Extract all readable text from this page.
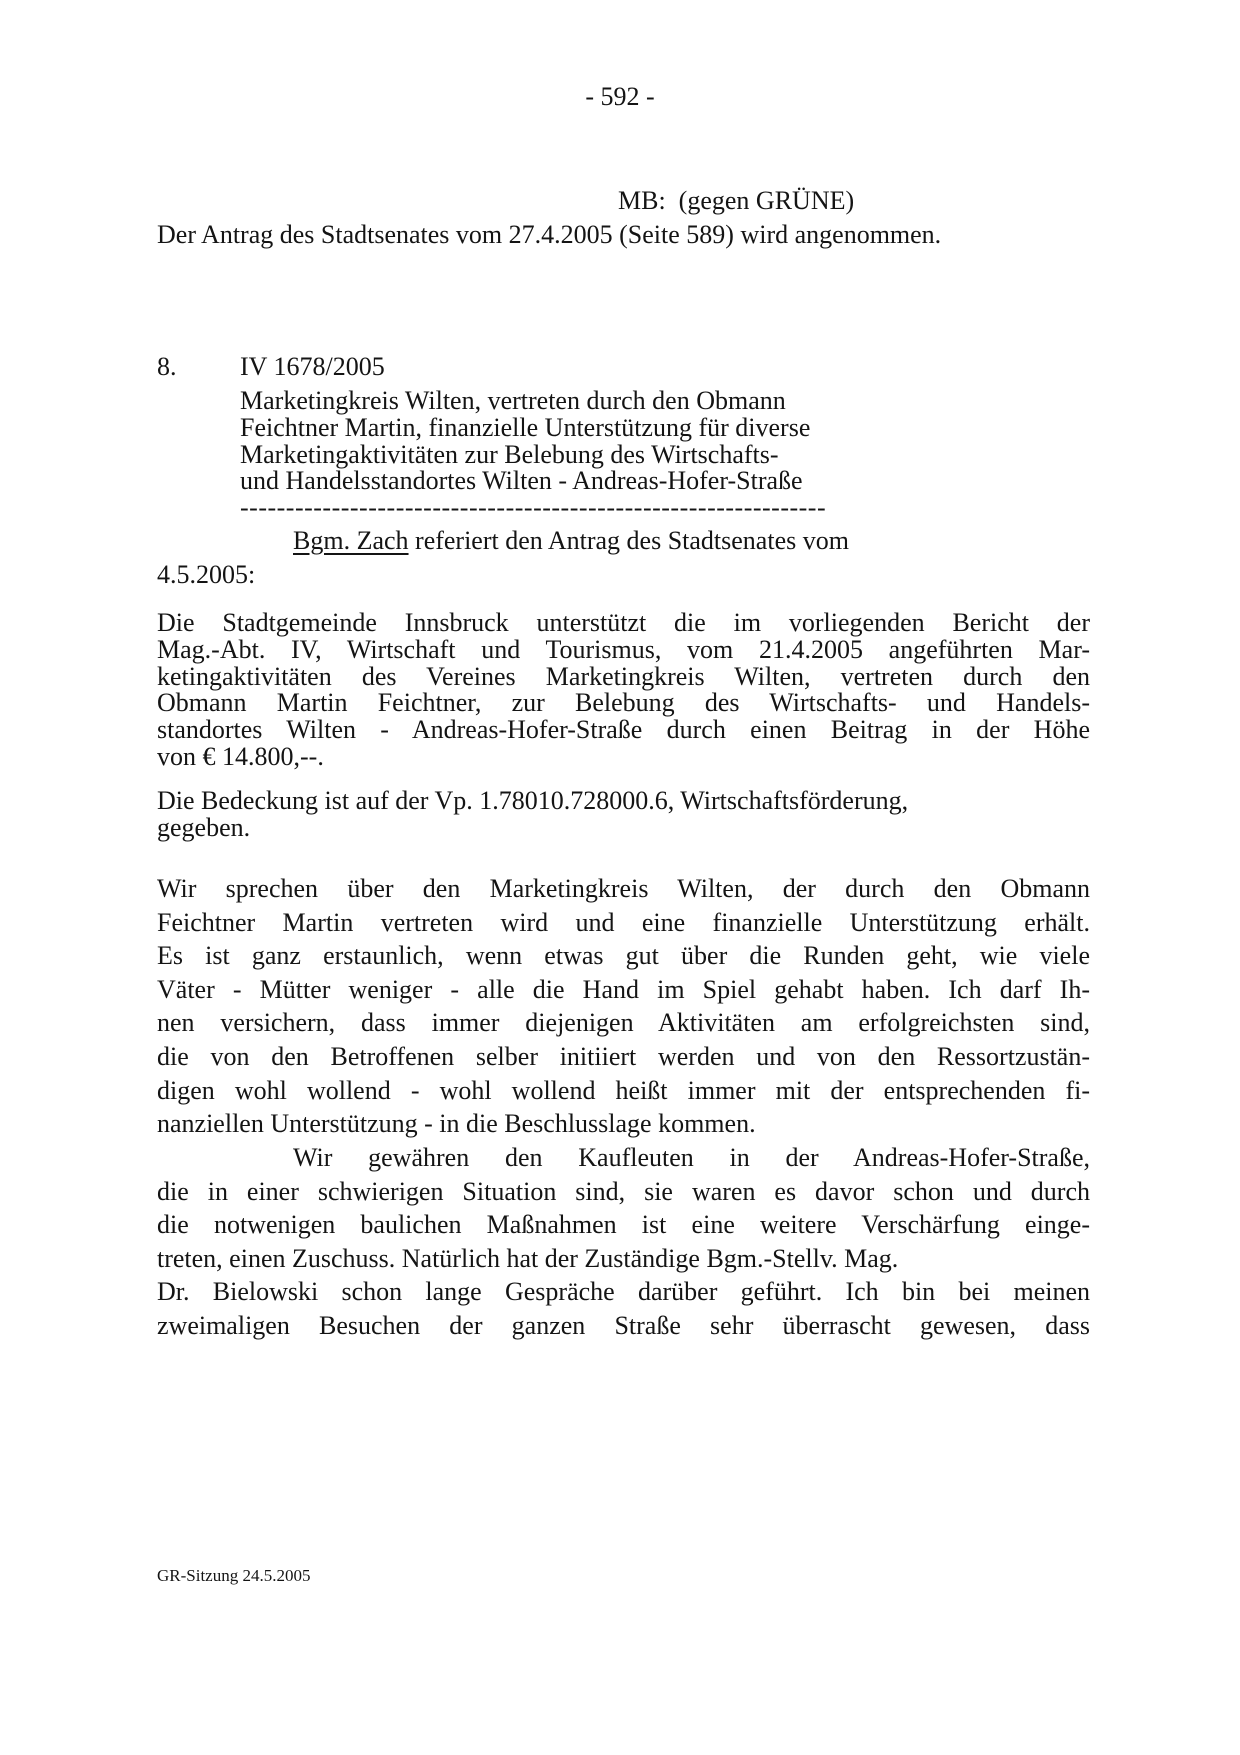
- 592 -
MB:  (gegen GRÜNE)
Der Antrag des Stadtsenates vom 27.4.2005 (Seite 589) wird angenommen.
8. IV 1678/2005
Marketingkreis Wilten, vertreten durch den Obmann
Feichtner Martin, finanzielle Unterstützung für diverse
Marketingaktivitäten zur Belebung des Wirtschafts-
und Handelsstandortes Wilten - Andreas-Hofer-Straße
----------------------------------------------------------------
Bgm. Zach referiert den Antrag des Stadtsenates vom
4.5.2005:
Die Stadtgemeinde Innsbruck unterstützt die im vorliegenden Bericht der
Mag.-Abt. IV, Wirtschaft und Tourismus, vom 21.4.2005 angeführten Mar-
ketingaktivitäten des Vereines Marketingkreis Wilten, vertreten durch den
Obmann Martin Feichtner, zur Belebung des Wirtschafts- und Handels-
standortes Wilten - Andreas-Hofer-Straße durch einen Beitrag in der Höhe
von € 14.800,--.
Die Bedeckung ist auf der Vp. 1.78010.728000.6, Wirtschaftsförderung,
gegeben.
Wir sprechen über den Marketingkreis Wilten, der durch den Obmann
Feichtner Martin vertreten wird und eine finanzielle Unterstützung erhält.
Es ist ganz erstaunlich, wenn etwas gut über die Runden geht, wie viele
Väter - Mütter weniger - alle die Hand im Spiel gehabt haben. Ich darf Ih-
nen versichern, dass immer diejenigen Aktivitäten am erfolgreichsten sind,
die von den Betroffenen selber initiiert werden und von den Ressortzustän-
digen wohl wollend - wohl wollend heißt immer mit der entsprechenden fi-
nanziellen Unterstützung - in die Beschlusslage kommen.
Wir gewähren den Kaufleuten in der Andreas-Hofer-Straße,
die in einer schwierigen Situation sind, sie waren es davor schon und durch
die notwenigen baulichen Maßnahmen ist eine weitere Verschärfung einge-
treten, einen Zuschuss. Natürlich hat der Zuständige Bgm.-Stellv. Mag.
Dr. Bielowski schon lange Gespräche darüber geführt. Ich bin bei meinen
zweimaligen Besuchen der ganzen Straße sehr überrascht gewesen, dass
GR-Sitzung 24.5.2005
